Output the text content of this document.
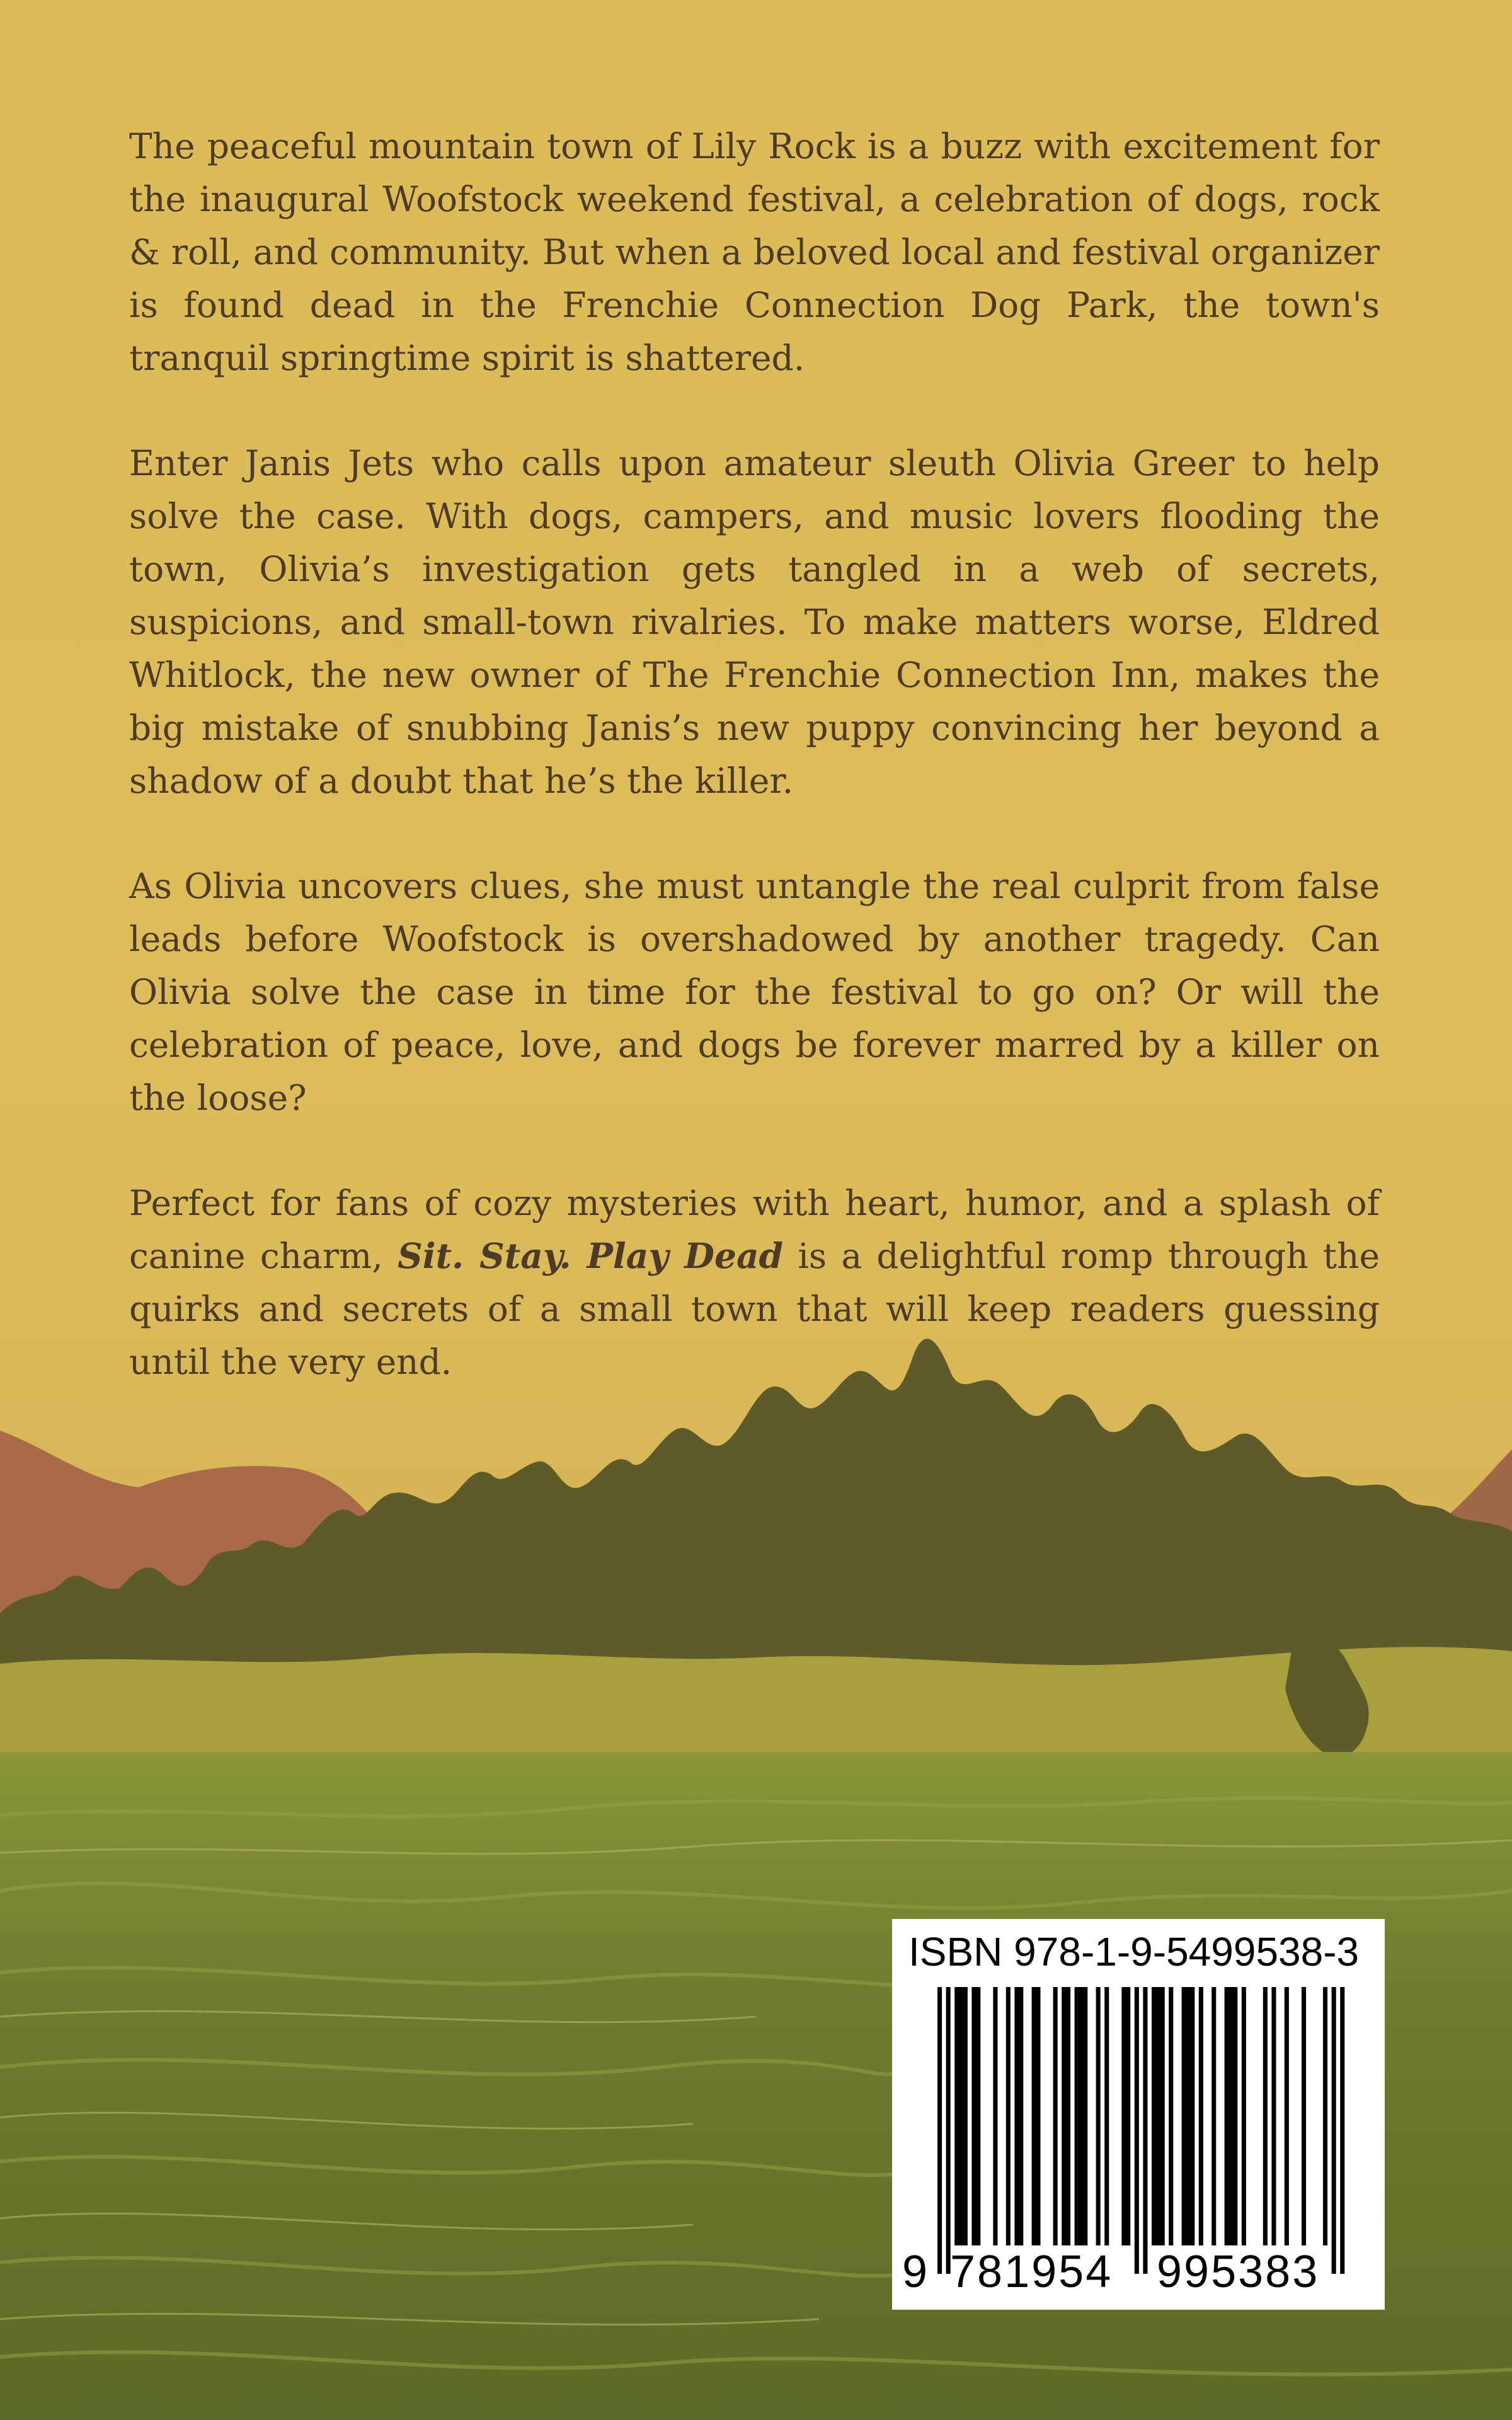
The peaceful mountain town of Lily Rock is a buzz with excitement for the inaugural Woofstock weekend festival, a celebration of dogs, rock & roll, and community. But when a beloved local and festival organizer is found dead in the Frenchie Connection Dog Park, the town's tranquil springtime spirit is shattered.

Enter Janis Jets who calls upon amateur sleuth Olivia Greer to help solve the case. With dogs, campers, and music lovers flooding the town, Olivia’s investigation gets tangled in a web of secrets, suspicions, and small-town rivalries. To make matters worse, Eldred Whitlock, the new owner of The Frenchie Connection Inn, makes the big mistake of snubbing Janis’s new puppy convincing her beyond a shadow of a doubt that he’s the killer.

As Olivia uncovers clues, she must untangle the real culprit from false leads before Woofstock is overshadowed by another tragedy. Can Olivia solve the case in time for the festival to go on? Or will the celebration of peace, love, and dogs be forever marred by a killer on the loose?

Perfect for fans of cozy mysteries with heart, humor, and a splash of canine charm, Sit. Stay. Play Dead is a delightful romp through the quirks and secrets of a small town that will keep readers guessing until the very end.

ISBN 978-1-9-5499538-3
9 781954 995383
